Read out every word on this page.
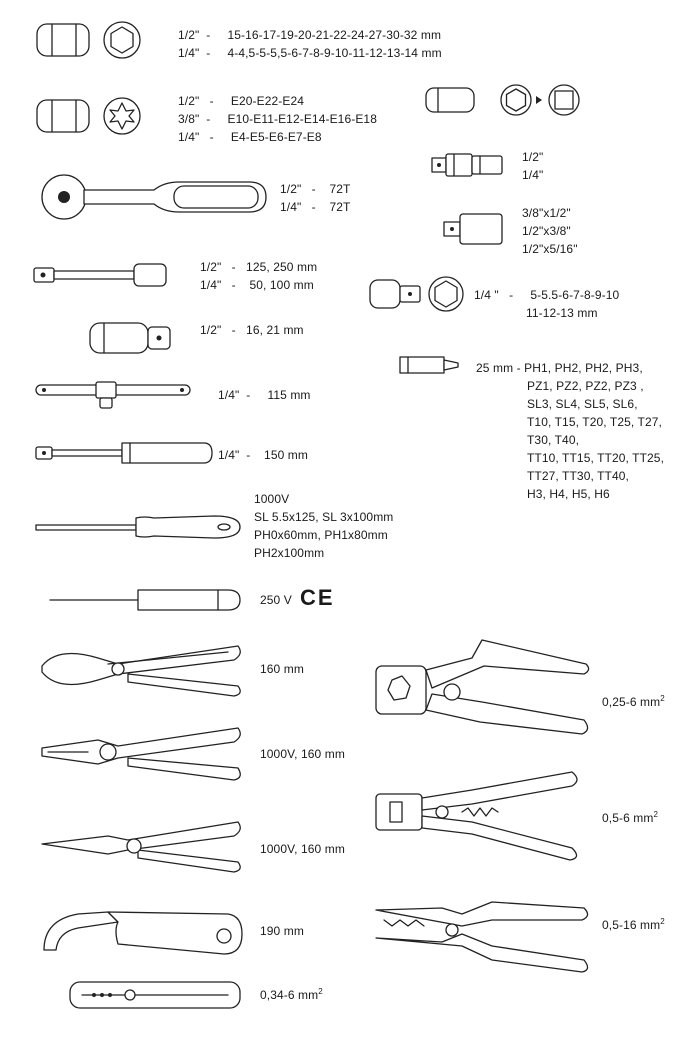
1/2"  -     15-16-17-19-20-21-22-24-27-30-32 mm
1/4"  -     4-4,5-5-5,5-6-7-8-9-10-11-12-13-14 mm
1/2"   -     E20-E22-E24
3/8"  -     E10-E11-E12-E14-E16-E18
1/4"   -     E4-E5-E6-E7-E8
1/2"   -    72T
1/4"   -    72T
1/2"   -   125, 250 mm
1/4"   -    50, 100 mm
1/2"   -   16, 21 mm
1/4"  -     115 mm
1/4"  -    150 mm
1000V
SL 5.5x125, SL 3x100mm
PH0x60mm, PH1x80mm
PH2x100mm
250 V CE
160 mm
1000V, 160 mm
1000V, 160 mm
190 mm
0,34-6 $mm^2$
1/2"
1/4"
3/8"x1/2"
1/2"x3/8"
1/2"x5/16"
1/4 "   -     5-5.5-6-7-8-9-10
11-12-13 mm
25 mm - PH1, PH2, PH2, PH3,
PZ1, PZ2, PZ2, PZ3 ,
SL3, SL4, SL5, SL6,
T10, T15, T20, T25, T27,
T30, T40,
TT10, TT15, TT20, TT25,
TT27, TT30, TT40,
H3, H4, H5, H6
0,25-6 $mm^2$
0,5-6 $mm^2$
0,5-16 $mm^2$
